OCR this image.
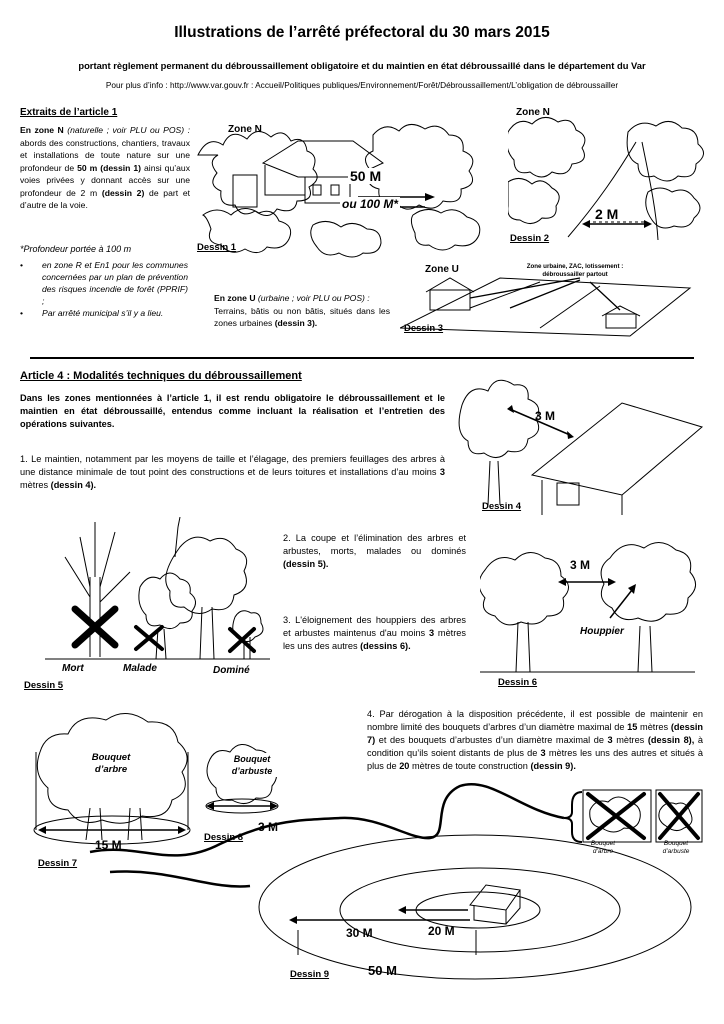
Illustrations de l’arrêté préfectoral du 30 mars 2015
portant règlement permanent du débroussaillement obligatoire et du maintien en état débroussaillé dans le département du Var
Pour plus d’info : http://www.var.gouv.fr : Accueil/Politiques publiques/Environnement/Forêt/Débroussaillement/L’obligation de débroussailler
Extraits de l’article 1
En zone N (naturelle ; voir PLU ou POS) : abords des constructions, chantiers, travaux et installations de toute nature sur une profondeur de 50 m (dessin 1) ainsi qu’aux voies privées y donnant accès sur une profondeur de 2 m (dessin 2) de part et d’autre de la voie.
*Profondeur portée à 100 m
• en zone R et En1 pour les communes concernées par un plan de prévention des risques incendie de forêt (PPRIF) ;
• Par arrêté municipal s’il y a lieu.
En zone U (urbaine ; voir PLU ou POS) :
Terrains, bâtis ou non bâtis, situés dans les zones urbaines (dessin 3).
Zone N
50 M
ou 100 M*
Dessin 1
Zone N
2 M
Dessin 2
Zone U	Zone urbaine, ZAC, lotissement :
débroussailler partout
Dessin 3
Article 4 : Modalités techniques du débroussaillement
Dans les zones mentionnées à l’article 1, il est rendu obligatoire le débroussaillement et le maintien en état débroussaillé, entendus comme incluant la réalisation et l’entretien des opérations suivantes.
1. Le maintien, notamment par les moyens de taille et l’élagage, des premiers feuillages des arbres à une distance minimale de tout point des constructions et de leurs toitures et installations d’au moins 3 mètres (dessin 4).
3 M
Dessin 4
Mort	Malade	Dominé
Dessin 5
2. La coupe et l’élimination des arbres et arbustes, morts, malades ou dominés (dessin 5).
3. L'éloignement des houppiers des arbres et arbustes maintenus d'au moins 3 mètres les uns des autres (dessins 6).
3 M
Houppier
Dessin 6
4. Par dérogation à la disposition précédente, il est possible de maintenir en nombre limité des bouquets d’arbres d’un diamètre maximal de 15 mètres (dessin 7) et des bouquets d’arbustes d’un diamètre maximal de 3 mètres (dessin 8), à condition qu’ils soient distants de plus de 3 mètres les uns des autres et situés à plus de 20 mètres de toute construction (dessin 9).
Bouquet
d’arbre
15 M
Dessin 7
Bouquet
d’arbuste
3 M
Dessin 8
Bouquet
d’arbre
Bouquet
d’arbuste
30 M	20 M
50 M
Dessin 9
